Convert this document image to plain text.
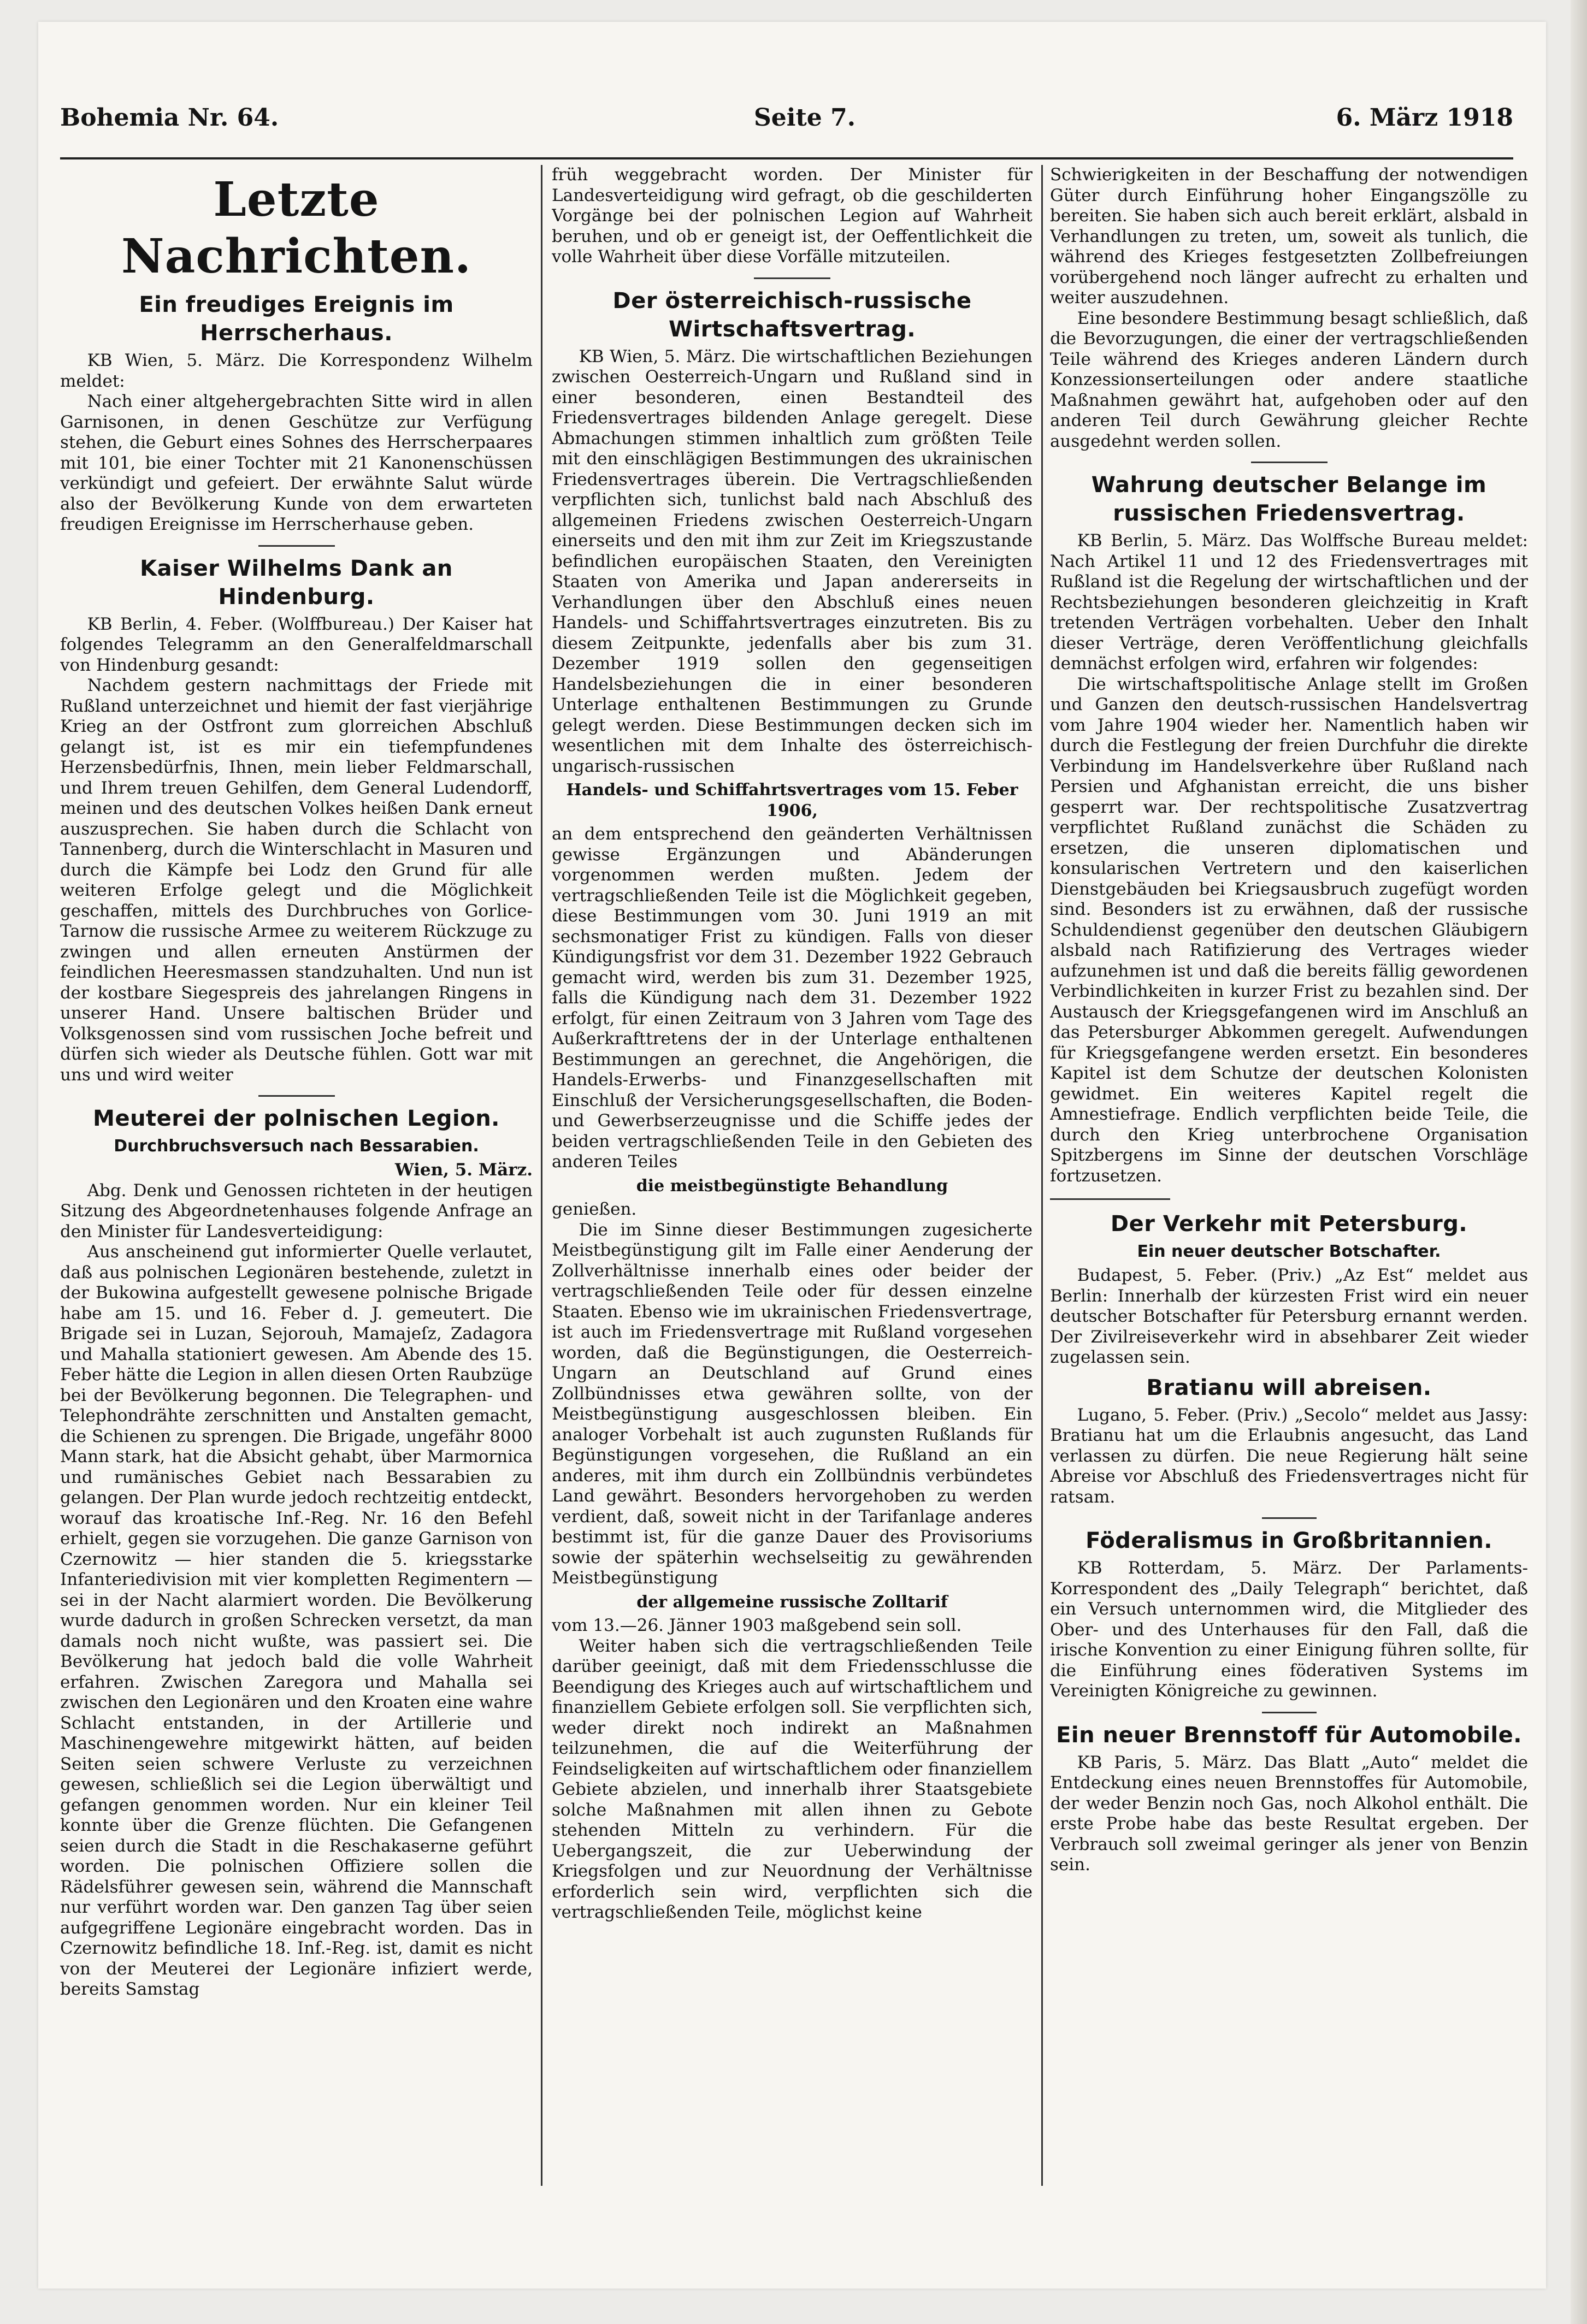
Bohemia Nr. 64.	Seite 7.	6. März 1918
Letzte Nachrichten.
Ein freudiges Ereignis im Herrscherhaus.

KB Wien, 5. März. Die Korrespondenz Wilhelm meldet:

Nach einer altgehergebrachten Sitte wird in allen Garnisonen, in denen Geschütze zur Verfügung stehen, die Geburt eines Sohnes des Herrscherpaares mit 101, bie einer Tochter mit 21 Kanonenschüssen verkündigt und gefeiert. Der erwähnte Salut würde also der Bevölkerung Kunde von dem erwarteten freudigen Ereignisse im Herrscherhause geben.

Kaiser Wilhelms Dank an Hindenburg.

KB Berlin, 4. Feber. (Wolffbureau.) Der Kaiser hat folgendes Telegramm an den Generalfeldmarschall von Hindenburg gesandt:

Nachdem gestern nachmittags der Friede mit Rußland unterzeichnet und hiemit der fast vierjährige Krieg an der Ostfront zum glorreichen Abschluß gelangt ist, ist es mir ein tiefempfundenes Herzensbedürfnis, Ihnen, mein lieber Feldmarschall, und Ihrem treuen Gehilfen, dem General Ludendorff, meinen und des deutschen Volkes heißen Dank erneut auszusprechen. Sie haben durch die Schlacht von Tannenberg, durch die Winterschlacht in Masuren und durch die Kämpfe bei Lodz den Grund für alle weiteren Erfolge gelegt und die Möglichkeit geschaffen, mittels des Durchbruches von Gorlice-Tarnow die russische Armee zu weiterem Rückzuge zu zwingen und allen erneuten Anstürmen der feindlichen Heeresmassen standzuhalten. Und nun ist der kostbare Siegespreis des jahrelangen Ringens in unserer Hand. Unsere baltischen Brüder und Volksgenossen sind vom russischen Joche befreit und dürfen sich wieder als Deutsche fühlen. Gott war mit uns und wird weiter

Meuterei der polnischen Legion.
Durchbruchsversuch nach Bessarabien.

Wien, 5. März.

Abg. Denk und Genossen richteten in der heutigen Sitzung des Abgeordnetenhauses folgende Anfrage an den Minister für Landesverteidigung:

Aus anscheinend gut informierter Quelle verlautet, daß aus polnischen Legionären bestehende, zuletzt in der Bukowina aufgestellt gewesene polnische Brigade habe am 15. und 16. Feber d. J. gemeutert. Die Brigade sei in Luzan, Sejorouh, Mamajeſz, Zadagora und Mahalla stationiert gewesen. Am Abende des 15. Feber hätte die Legion in allen diesen Orten Raubzüge bei der Bevölkerung begonnen. Die Telegraphen- und Telephondrähte zerschnitten und Anstalten gemacht, die Schienen zu sprengen. Die Brigade, ungefähr 8000 Mann stark, hat die Absicht gehabt, über Marmornica und rumänisches Gebiet nach Bessarabien zu gelangen. Der Plan wurde jedoch rechtzeitig entdeckt, worauf das kroatische Inf.-Reg. Nr. 16 den Befehl erhielt, gegen sie vorzugehen. Die ganze Garnison von Czernowitz — hier standen die 5. kriegsstarke Infanteriedivision mit vier kompletten Regimentern — sei in der Nacht alarmiert worden. Die Bevölkerung wurde dadurch in großen Schrecken versetzt, da man damals noch nicht wußte, was passiert sei. Die Bevölkerung hat jedoch bald die volle Wahrheit erfahren. Zwischen Zaregora und Mahalla sei zwischen den Legionären und den Kroaten eine wahre Schlacht entstanden, in der Artillerie und Maschinengewehre mitgewirkt hätten, auf beiden Seiten seien schwere Verluste zu verzeichnen gewesen, schließlich sei die Legion überwältigt und gefangen genommen worden. Nur ein kleiner Teil konnte über die Grenze flüchten. Die Gefangenen seien durch die Stadt in die Reschakaserne geführt worden. Die polnischen Offiziere sollen die Rädelsführer gewesen sein, während die Mannschaft nur verführt worden war. Den ganzen Tag über seien aufgegriffene Legionäre eingebracht worden. Das in Czernowitz befindliche 18. Inf.-Reg. ist, damit es nicht von der Meuterei der Legionäre infiziert werde, bereits Samstag

früh weggebracht worden. Der Minister für Landesverteidigung wird gefragt, ob die geschilderten Vorgänge bei der polnischen Legion auf Wahrheit beruhen, und ob er geneigt ist, der Oeffentlichkeit die volle Wahrheit über diese Vorfälle mitzuteilen.

Der österreichisch-russische Wirtschaftsvertrag.

KB Wien, 5. März. Die wirtschaftlichen Beziehungen zwischen Oesterreich-Ungarn und Rußland sind in einer besonderen, einen Bestandteil des Friedensvertrages bildenden Anlage geregelt. Diese Abmachungen stimmen inhaltlich zum größten Teile mit den einschlägigen Bestimmungen des ukrainischen Friedensvertrages überein. Die Vertragschließenden verpflichten sich, tunlichst bald nach Abschluß des allgemeinen Friedens zwischen Oesterreich-Ungarn einerseits und den mit ihm zur Zeit im Kriegszustande befindlichen europäischen Staaten, den Vereinigten Staaten von Amerika und Japan andererseits in Verhandlungen über den Abschluß eines neuen Handels- und Schiffahrtsvertrages einzutreten. Bis zu diesem Zeitpunkte, jedenfalls aber bis zum 31. Dezember 1919 sollen den gegenseitigen Handelsbeziehungen die in einer besonderen Unterlage enthaltenen Bestimmungen zu Grunde gelegt werden. Diese Bestimmungen decken sich im wesentlichen mit dem Inhalte des österreichisch-ungarisch-russischen

Handels- und Schiffahrtsvertrages vom 15. Feber 1906,

an dem entsprechend den geänderten Verhältnissen gewisse Ergänzungen und Abänderungen vorgenommen werden mußten. Jedem der vertragschließenden Teile ist die Möglichkeit gegeben, diese Bestimmungen vom 30. Juni 1919 an mit sechsmonatiger Frist zu kündigen. Falls von dieser Kündigungsfrist vor dem 31. Dezember 1922 Gebrauch gemacht wird, werden bis zum 31. Dezember 1925, falls die Kündigung nach dem 31. Dezember 1922 erfolgt, für einen Zeitraum von 3 Jahren vom Tage des Außerkrafttretens der in der Unterlage enthaltenen Bestimmungen an gerechnet, die Angehörigen, die Handels-Erwerbs- und Finanzgesellschaften mit Einschluß der Versicherungsgesellschaften, die Boden- und Gewerbserzeugnisse und die Schiffe jedes der beiden vertragschließenden Teile in den Gebieten des anderen Teiles

die meistbegünstigte Behandlung

genießen.

Die im Sinne dieser Bestimmungen zugesicherte Meistbegünstigung gilt im Falle einer Aenderung der Zollverhältnisse innerhalb eines oder beider der vertragschließenden Teile oder für dessen einzelne Staaten. Ebenso wie im ukrainischen Friedensvertrage, ist auch im Friedensvertrage mit Rußland vorgesehen worden, daß die Begünstigungen, die Oesterreich-Ungarn an Deutschland auf Grund eines Zollbündnisses etwa gewähren sollte, von der Meistbegünstigung ausgeschlossen bleiben. Ein analoger Vorbehalt ist auch zugunsten Rußlands für Begünstigungen vorgesehen, die Rußland an ein anderes, mit ihm durch ein Zollbündnis verbündetes Land gewährt. Besonders hervorgehoben zu werden verdient, daß, soweit nicht in der Tarifanlage anderes bestimmt ist, für die ganze Dauer des Provisoriums sowie der späterhin wechselseitig zu gewährenden Meistbegünstigung

der allgemeine russische Zolltarif

vom 13.—26. Jänner 1903 maßgebend sein soll.

Weiter haben sich die vertragschließenden Teile darüber geeinigt, daß mit dem Friedensschlusse die Beendigung des Krieges auch auf wirtschaftlichem und finanziellem Gebiete erfolgen soll. Sie verpflichten sich, weder direkt noch indirekt an Maßnahmen teilzunehmen, die auf die Weiterführung der Feindseligkeiten auf wirtschaftlichem oder finanziellem Gebiete abzielen, und innerhalb ihrer Staatsgebiete solche Maßnahmen mit allen ihnen zu Gebote stehenden Mitteln zu verhindern. Für die Uebergangszeit, die zur Ueberwindung der Kriegsfolgen und zur Neuordnung der Verhältnisse erforderlich sein wird, verpflichten sich die vertragschließenden Teile, möglichst keine

Schwierigkeiten in der Beschaffung der notwendigen Güter durch Einführung hoher Eingangszölle zu bereiten. Sie haben sich auch bereit erklärt, alsbald in Verhandlungen zu treten, um, soweit als tunlich, die während des Krieges festgesetzten Zollbefreiungen vorübergehend noch länger aufrecht zu erhalten und weiter auszudehnen.

Eine besondere Bestimmung besagt schließlich, daß die Bevorzugungen, die einer der vertragschließenden Teile während des Krieges anderen Ländern durch Konzessionserteilungen oder andere staatliche Maßnahmen gewährt hat, aufgehoben oder auf den anderen Teil durch Gewährung gleicher Rechte ausgedehnt werden sollen.

Wahrung deutscher Belange im russischen Friedensvertrag.

KB Berlin, 5. März. Das Wolffsche Bureau meldet: Nach Artikel 11 und 12 des Friedensvertrages mit Rußland ist die Regelung der wirtschaftlichen und der Rechtsbeziehungen besonderen gleichzeitig in Kraft tretenden Verträgen vorbehalten. Ueber den Inhalt dieser Verträge, deren Veröffentlichung gleichfalls demnächst erfolgen wird, erfahren wir folgendes:

Die wirtschaftspolitische Anlage stellt im Großen und Ganzen den deutsch-russischen Handelsvertrag vom Jahre 1904 wieder her. Namentlich haben wir durch die Festlegung der freien Durchfuhr die direkte Verbindung im Handelsverkehre über Rußland nach Persien und Afghanistan erreicht, die uns bisher gesperrt war. Der rechtspolitische Zusatzvertrag verpflichtet Rußland zunächst die Schäden zu ersetzen, die unseren diplomatischen und konsularischen Vertretern und den kaiserlichen Dienstgebäuden bei Kriegsausbruch zugefügt worden sind. Besonders ist zu erwähnen, daß der russische Schuldendienst gegenüber den deutschen Gläubigern alsbald nach Ratifizierung des Vertrages wieder aufzunehmen ist und daß die bereits fällig gewordenen Verbindlichkeiten in kurzer Frist zu bezahlen sind. Der Austausch der Kriegsgefangenen wird im Anschluß an das Petersburger Abkommen geregelt. Aufwendungen für Kriegsgefangene werden ersetzt. Ein besonderes Kapitel ist dem Schutze der deutschen Kolonisten gewidmet. Ein weiteres Kapitel regelt die Amnestiefrage. Endlich verpflichten beide Teile, die durch den Krieg unterbrochene Organisation Spitzbergens im Sinne der deutschen Vorschläge fortzusetzen.

Der Verkehr mit Petersburg.
Ein neuer deutscher Botschafter.

Budapest, 5. Feber. (Priv.) „Az Est“ meldet aus Berlin: Innerhalb der kürzesten Frist wird ein neuer deutscher Botschafter für Petersburg ernannt werden. Der Zivilreiseverkehr wird in absehbarer Zeit wieder zugelassen sein.

Bratianu will abreisen.

Lugano, 5. Feber. (Priv.) „Secolo“ meldet aus Jassy: Bratianu hat um die Erlaubnis angesucht, das Land verlassen zu dürfen. Die neue Regierung hält seine Abreise vor Abschluß des Friedensvertrages nicht für ratsam.

Föderalismus in Großbritannien.

KB Rotterdam, 5. März. Der Parlaments-Korrespondent des „Daily Telegraph“ berichtet, daß ein Versuch unternommen wird, die Mitglieder des Ober- und des Unterhauses für den Fall, daß die irische Konvention zu einer Einigung führen sollte, für die Einführung eines föderativen Systems im Vereinigten Königreiche zu gewinnen.

Ein neuer Brennstoff für Automobile.

KB Paris, 5. März. Das Blatt „Auto“ meldet die Entdeckung eines neuen Brennstoffes für Automobile, der weder Benzin noch Gas, noch Alkohol enthält. Die erste Probe habe das beste Resultat ergeben. Der Verbrauch soll zweimal geringer als jener von Benzin sein.
